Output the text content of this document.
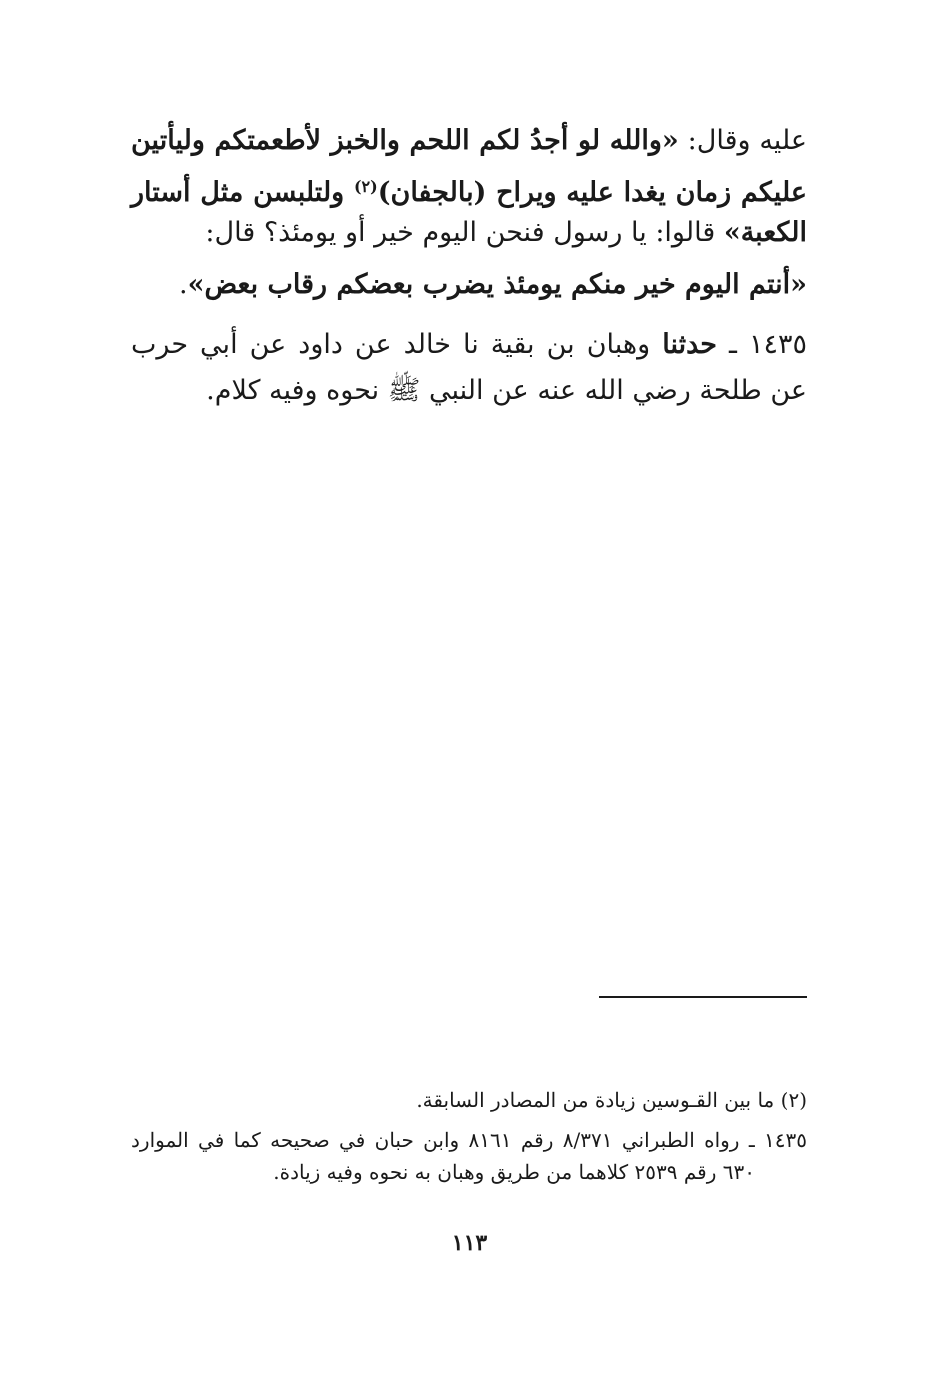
عليه وقال: «والله لو أجدُ لكم اللحم والخبز لأطعمتكم وليأتين
عليكم زمان يغدا عليه ويراح (بالجفان)$^{(٢)}$ ولتلبسن مثل أستار
الكعبة» قالوا: يا رسول فنحن اليوم خير أو يومئذ؟ قال:
«أنتم اليوم خير منكم يومئذ يضرب بعضكم رقاب بعض».
١٤٣٥ ـ حدثنا وهبان بن بقية نا خالد عن داود عن أبي حرب
عن طلحة رضي الله عنه عن النبي ﷺ نحوه وفيه كلام.
(٢) ما بين القـوسين زيادة من المصادر السابقة.
١٤٣٥ ـ رواه الطبراني ٨/٣٧١ رقم ٨١٦١ وابن حبان في صحيحه كما في الموارد
٦٣٠ رقم ٢٥٣٩ كلاهما من طريق وهبان به نحوه وفيه زيادة.
١١٣
